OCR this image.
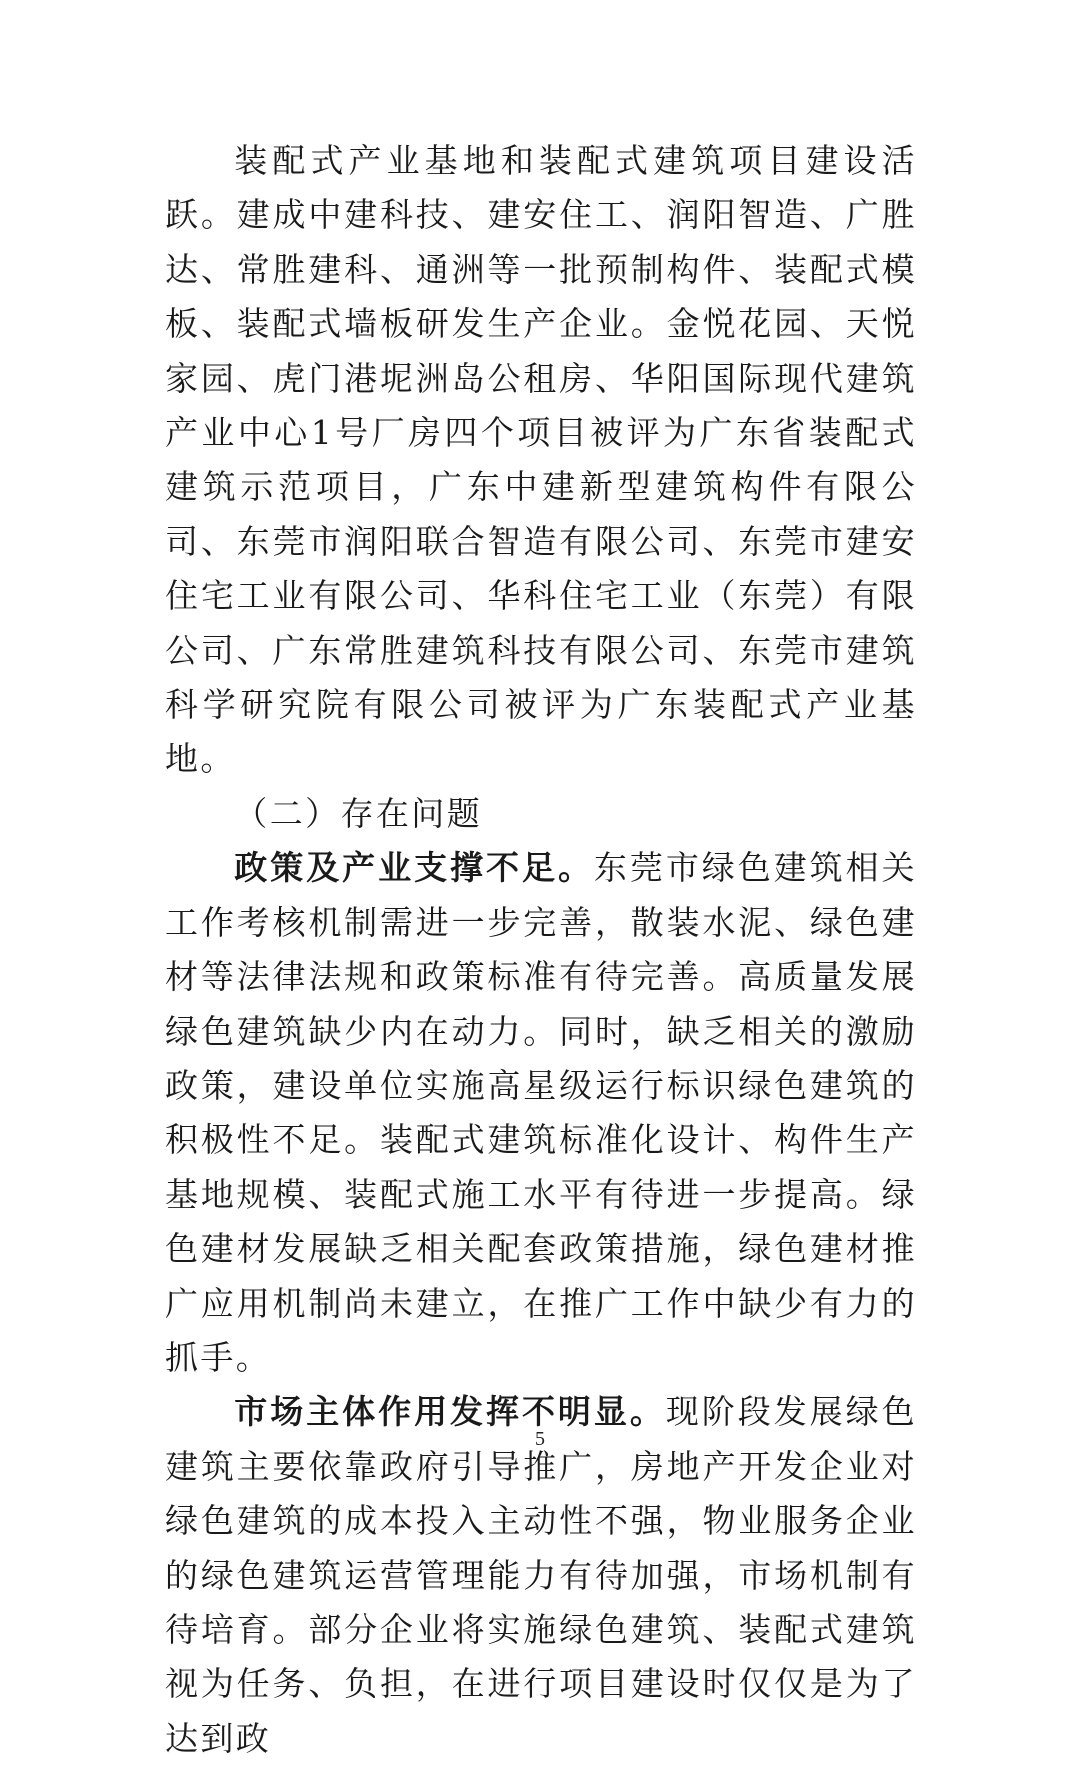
装配式产业基地和装配式建筑项目建设活跃。建成中建科技、建安住工、润阳智造、广胜达、常胜建科、通洲等一批预制构件、装配式模板、装配式墙板研发生产企业。金悦花园、天悦家园、虎门港坭洲岛公租房、华阳国际现代建筑产业中心1号厂房四个项目被评为广东省装配式建筑示范项目，广东中建新型建筑构件有限公司、东莞市润阳联合智造有限公司、东莞市建安住宅工业有限公司、华科住宅工业（东莞）有限公司、广东常胜建筑科技有限公司、东莞市建筑科学研究院有限公司被评为广东装配式产业基地。

（二）存在问题

政策及产业支撑不足。东莞市绿色建筑相关工作考核机制需进一步完善，散装水泥、绿色建材等法律法规和政策标准有待完善。高质量发展绿色建筑缺少内在动力。同时，缺乏相关的激励政策，建设单位实施高星级运行标识绿色建筑的积极性不足。装配式建筑标准化设计、构件生产基地规模、装配式施工水平有待进一步提高。绿色建材发展缺乏相关配套政策措施，绿色建材推广应用机制尚未建立，在推广工作中缺少有力的抓手。

市场主体作用发挥不明显。现阶段发展绿色建筑主要依靠政府引导推广，房地产开发企业对绿色建筑的成本投入主动性不强，物业服务企业的绿色建筑运营管理能力有待加强，市场机制有待培育。部分企业将实施绿色建筑、装配式建筑视为任务、负担，在进行项目建设时仅仅是为了达到政

5
